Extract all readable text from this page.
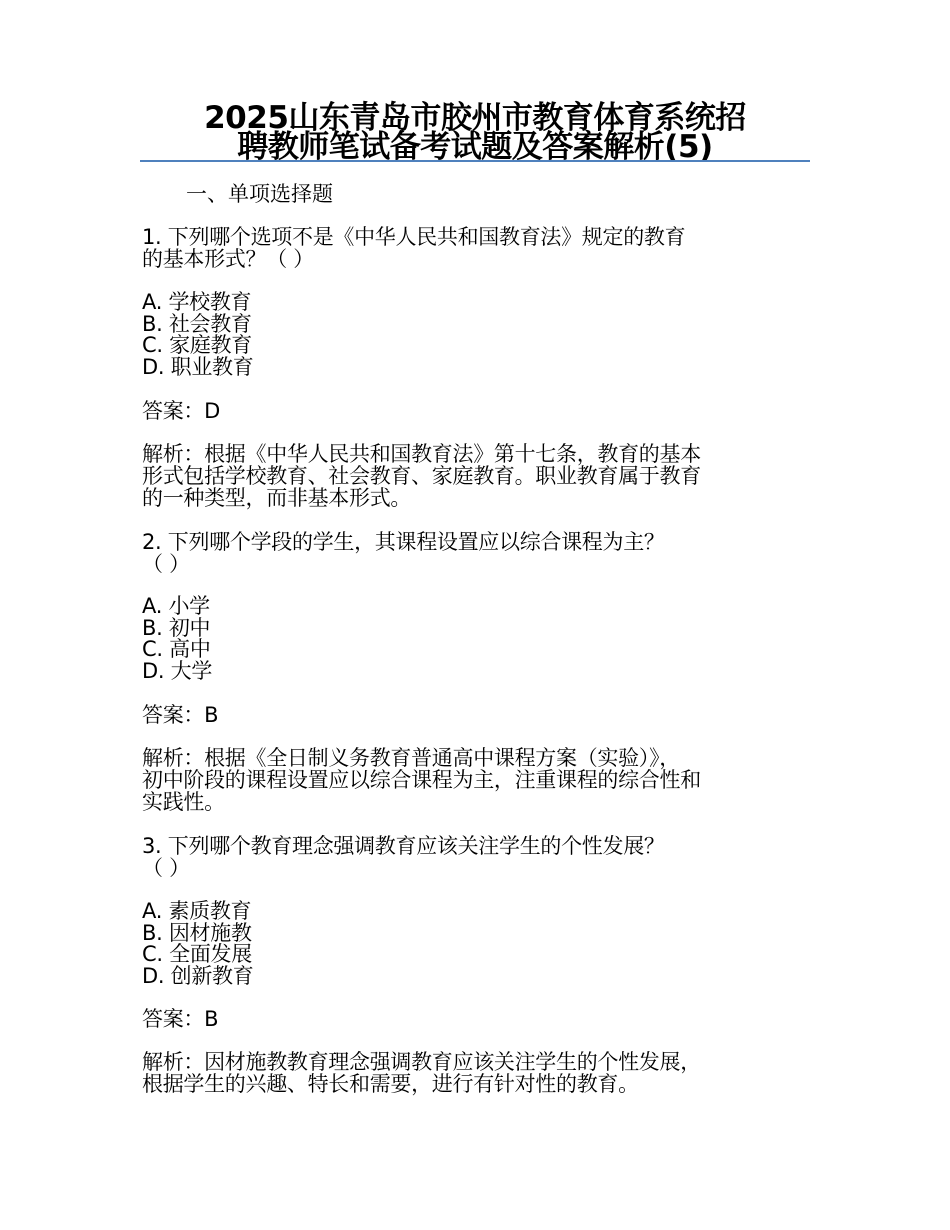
2025山东青岛市胶州市教育体育系统招
聘教师笔试备考试题及答案解析(5)
一、单项选择题
1. 下列哪个选项不是《中华人民共和国教育法》规定的教育
的基本形式？（ ）
A. 学校教育
B. 社会教育
C. 家庭教育
D. 职业教育
答案：D
解析：根据《中华人民共和国教育法》第十七条，教育的基本
形式包括学校教育、社会教育、家庭教育。职业教育属于教育
的一种类型，而非基本形式。
2. 下列哪个学段的学生，其课程设置应以综合课程为主？
（ ）
A. 小学
B. 初中
C. 高中
D. 大学
答案：B
解析：根据《全日制义务教育普通高中课程方案（实验）》，
初中阶段的课程设置应以综合课程为主，注重课程的综合性和
实践性。
3. 下列哪个教育理念强调教育应该关注学生的个性发展？
（ ）
A. 素质教育
B. 因材施教
C. 全面发展
D. 创新教育
答案：B
解析：因材施教教育理念强调教育应该关注学生的个性发展，
根据学生的兴趣、特长和需要，进行有针对性的教育。
